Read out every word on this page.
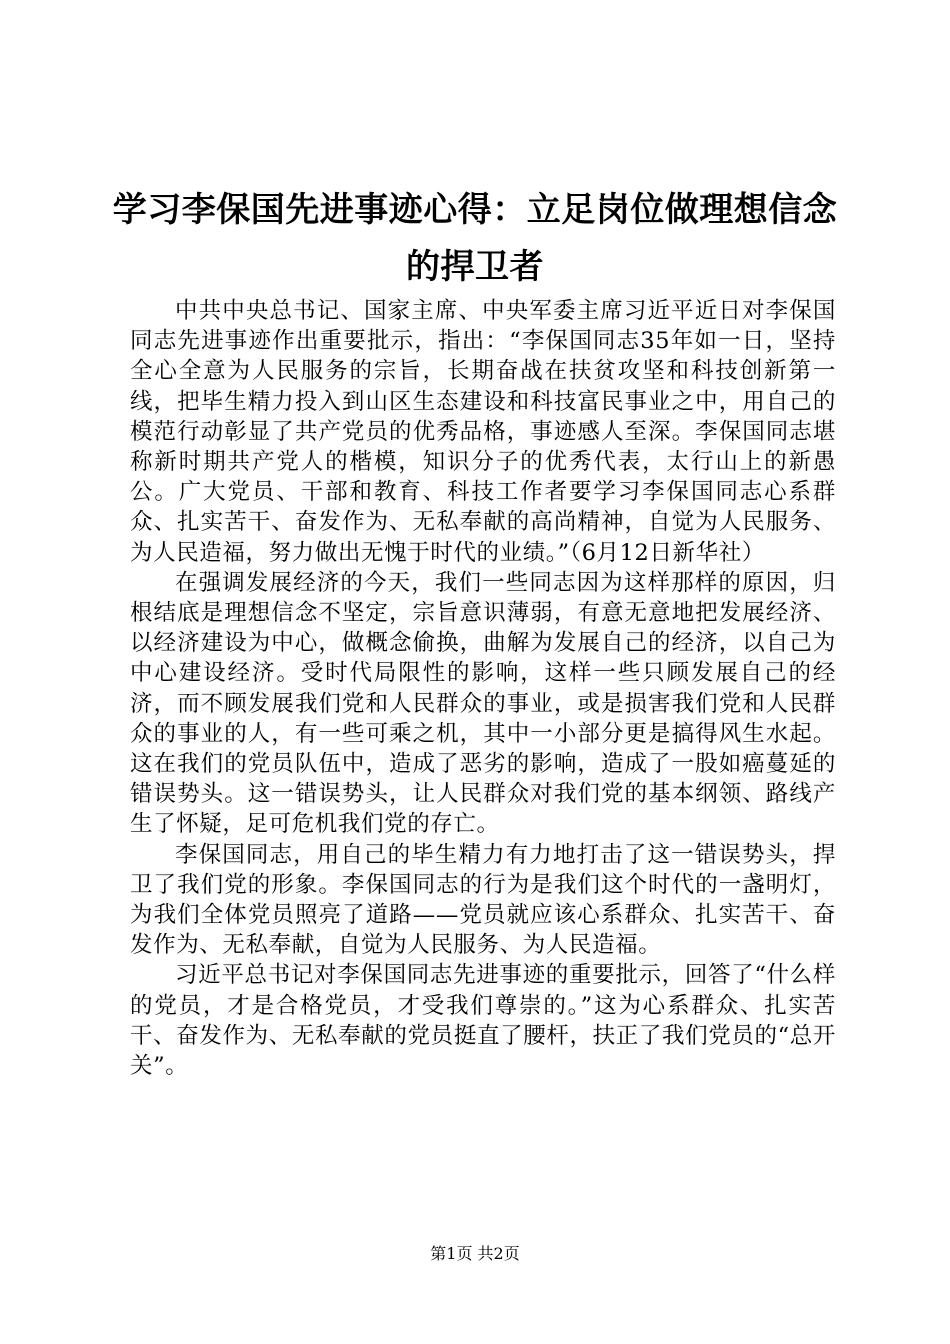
学习李保国先进事迹心得：立足岗位做理想信念的捍卫者

中共中央总书记、国家主席、中央军委主席习近平近日对李保国同志先进事迹作出重要批示，指出：“李保国同志35年如一日，坚持全心全意为人民服务的宗旨，长期奋战在扶贫攻坚和科技创新第一线，把毕生精力投入到山区生态建设和科技富民事业之中，用自己的模范行动彰显了共产党员的优秀品格，事迹感人至深。李保国同志堪称新时期共产党人的楷模，知识分子的优秀代表，太行山上的新愚公。广大党员、干部和教育、科技工作者要学习李保国同志心系群众、扎实苦干、奋发作为、无私奉献的高尚精神，自觉为人民服务、为人民造福，努力做出无愧于时代的业绩。”（6月12日新华社）

在强调发展经济的今天，我们一些同志因为这样那样的原因，归根结底是理想信念不坚定，宗旨意识薄弱，有意无意地把发展经济、以经济建设为中心，做概念偷换，曲解为发展自己的经济，以自己为中心建设经济。受时代局限性的影响，这样一些只顾发展自己的经济，而不顾发展我们党和人民群众的事业，或是损害我们党和人民群众的事业的人，有一些可乘之机，其中一小部分更是搞得风生水起。这在我们的党员队伍中，造成了恶劣的影响，造成了一股如癌蔓延的错误势头。这一错误势头，让人民群众对我们党的基本纲领、路线产生了怀疑，足可危机我们党的存亡。

李保国同志，用自己的毕生精力有力地打击了这一错误势头，捍卫了我们党的形象。李保国同志的行为是我们这个时代的一盏明灯，为我们全体党员照亮了道路——党员就应该心系群众、扎实苦干、奋发作为、无私奉献，自觉为人民服务、为人民造福。

习近平总书记对李保国同志先进事迹的重要批示，回答了“什么样的党员，才是合格党员，才受我们尊崇的。”这为心系群众、扎实苦干、奋发作为、无私奉献的党员挺直了腰杆，扶正了我们党员的“总开关”。

第1页 共2页
